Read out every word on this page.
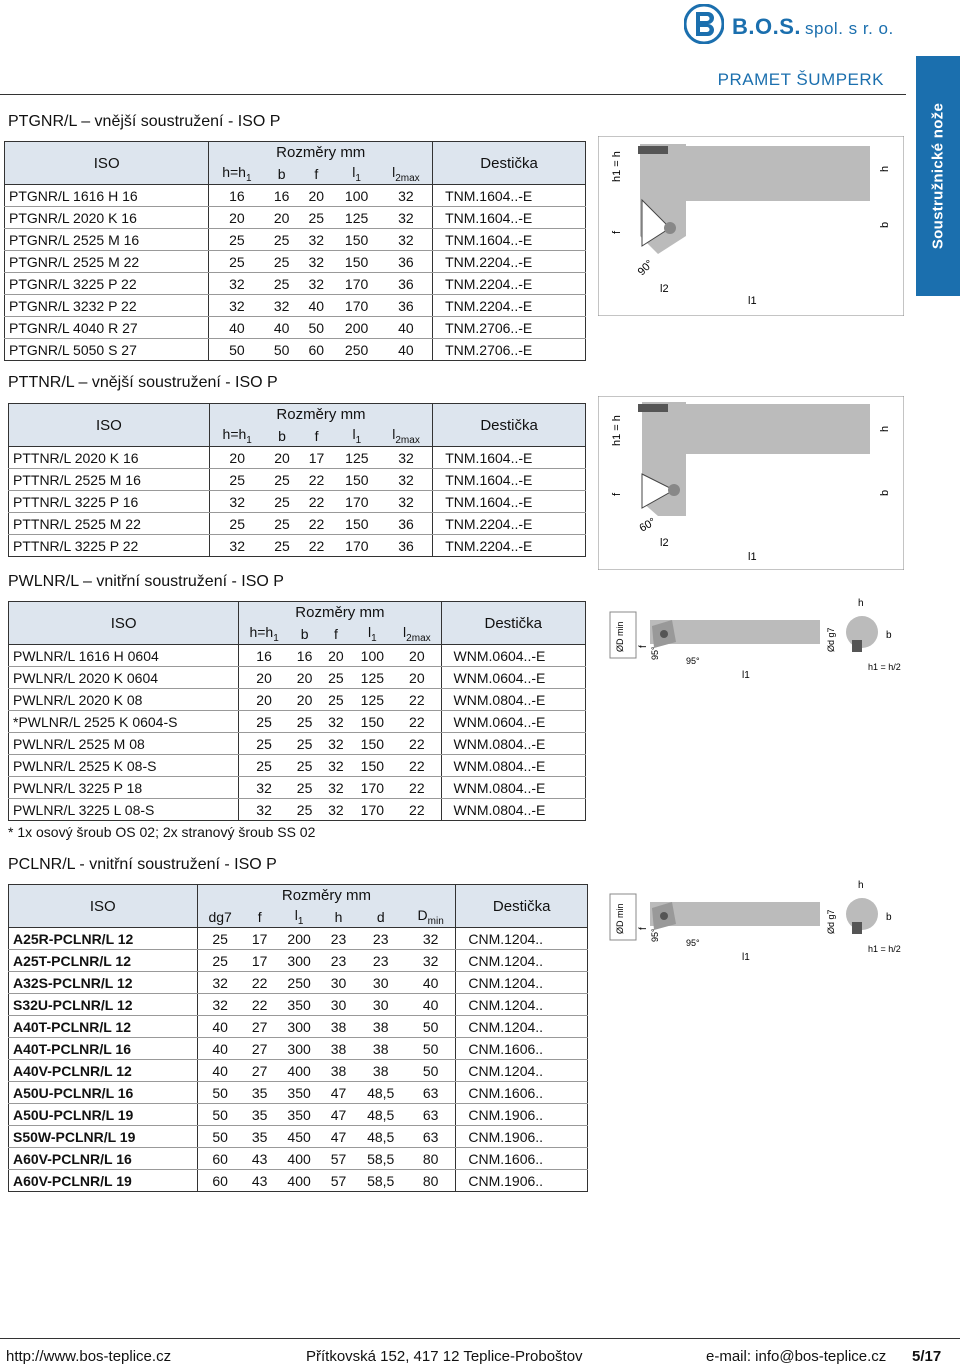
B.O.S. spol. s r. o.
PRAMET ŠUMPERK
Soustružnické nože
PTGNR/L – vnější soustružení - ISO P
PTTNR/L – vnější soustružení - ISO P
PWLNR/L – vnitřní soustružení - ISO P
PCLNR/L - vnitřní soustružení - ISO P
ISO	Rozměry mm					Destička
	$h=h_1$	b	f	$l_1$	$l_{2max}$
PTGNR/L 1616 H 16	16	16	20	100	32	TNM.1604..-E
PTGNR/L 2020 K 16	20	20	25	125	32	TNM.1604..-E
PTGNR/L 2525 M 16	25	25	32	150	32	TNM.1604..-E
PTGNR/L 2525 M 22	25	25	32	150	36	TNM.2204..-E
PTGNR/L 3225 P 22	32	25	32	170	36	TNM.2204..-E
PTGNR/L 3232 P 22	32	32	40	170	36	TNM.2204..-E
PTGNR/L 4040 R 27	40	40	50	200	40	TNM.2706..-E
PTGNR/L 5050 S 27	50	50	60	250	40	TNM.2706..-E
ISO	Rozměry mm					Destička
	$h=h_1$	b	f	$l_1$	$l_{2max}$
PTTNR/L 2020 K 16	20	20	17	125	32	TNM.1604..-E
PTTNR/L 2525 M 16	25	25	22	150	32	TNM.1604..-E
PTTNR/L 3225 P 16	32	25	22	170	32	TNM.1604..-E
PTTNR/L 2525 M 22	25	25	22	150	36	TNM.2204..-E
PTTNR/L 3225 P 22	32	25	22	170	36	TNM.2204..-E
ISO	Rozměry mm					Destička
	$h=h_1$	b	f	$l_1$	$l_{2max}$
PWLNR/L 1616 H 0604	16	16	20	100	20	WNM.0604..-E
PWLNR/L 2020 K 0604	20	20	25	125	20	WNM.0604..-E
PWLNR/L 2020 K 08	20	20	25	125	22	WNM.0804..-E
*PWLNR/L 2525 K 0604-S	25	25	32	150	22	WNM.0604..-E
PWLNR/L 2525 M 08	25	25	32	150	22	WNM.0804..-E
PWLNR/L 2525 K 08-S	25	25	32	150	22	WNM.0804..-E
PWLNR/L 3225 P 18	32	25	32	170	22	WNM.0804..-E
PWLNR/L 3225 L 08-S	32	25	32	170	22	WNM.0804..-E
* 1x osový šroub OS 02; 2x stranový šroub SS 02
ISO	Rozměry mm						Destička
	dg7	f	$l_1$	h	d	$D_{min}$
A25R-PCLNR/L 12	25	17	200	23	23	32	CNM.1204..
A25T-PCLNR/L 12	25	17	300	23	23	32	CNM.1204..
A32S-PCLNR/L 12	32	22	250	30	30	40	CNM.1204..
S32U-PCLNR/L 12	32	22	350	30	30	40	CNM.1204..
A40T-PCLNR/L 12	40	27	300	38	38	50	CNM.1204..
A40T-PCLNR/L 16	40	27	300	38	38	50	CNM.1606..
A40V-PCLNR/L 12	40	27	400	38	38	50	CNM.1204..
A50U-PCLNR/L 16	50	35	350	47	48,5	63	CNM.1606..
A50U-PCLNR/L 19	50	35	350	47	48,5	63	CNM.1906..
S50W-PCLNR/L 19	50	35	450	47	48,5	63	CNM.1906..
A60V-PCLNR/L 16	60	43	400	57	58,5	80	CNM.1606..
A60V-PCLNR/L 19	60	43	400	57	58,5	80	CNM.1906..
h1 = h
f
90°
l2
l1
h
b
h1 = h
f
60°
l2
l1
h
b
ØD min f 95°
95°
l1
Ød g7
h
b
h1 = h/2
ØD min f 95°
95°
l1
Ød g7
h
b
h1 = h/2
http://www.bos-teplice.cz	Přítkovská 152, 417 12 Teplice-Proboštov	e-mail: info@bos-teplice.cz 5/17
